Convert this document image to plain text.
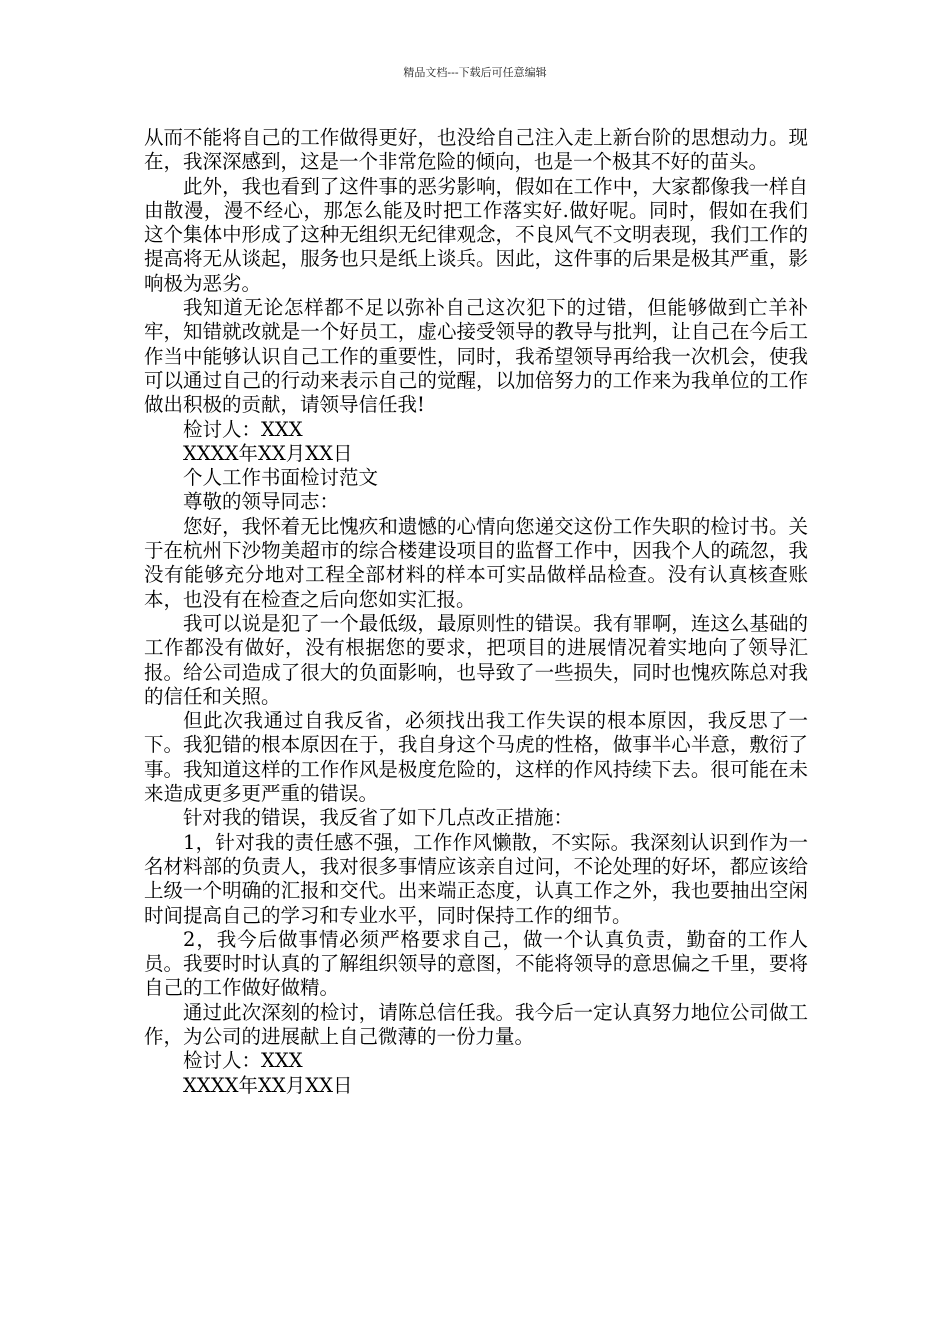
精品文档---下载后可任意编辑

从而不能将自己的工作做得更好，也没给自己注入走上新台阶的思想动力。现在，我深深感到，这是一个非常危险的倾向，也是一个极其不好的苗头。

此外，我也看到了这件事的恶劣影响，假如在工作中，大家都像我一样自由散漫，漫不经心，那怎么能及时把工作落实好.做好呢。同时，假如在我们这个集体中形成了这种无组织无纪律观念，不良风气不文明表现，我们工作的提高将无从谈起，服务也只是纸上谈兵。因此，这件事的后果是极其严重，影响极为恶劣。

我知道无论怎样都不足以弥补自己这次犯下的过错，但能够做到亡羊补牢，知错就改就是一个好员工，虚心接受领导的教导与批判，让自己在今后工作当中能够认识自己工作的重要性，同时，我希望领导再给我一次机会，使我可以通过自己的行动来表示自己的觉醒，以加倍努力的工作来为我单位的工作做出积极的贡献，请领导信任我!

检讨人：XXX

XXXX年XX月XX日

个人工作书面检讨范文

尊敬的领导同志：

您好，我怀着无比愧疚和遗憾的心情向您递交这份工作失职的检讨书。关于在杭州下沙物美超市的综合楼建设项目的监督工作中，因我个人的疏忽，我没有能够充分地对工程全部材料的样本可实品做样品检查。没有认真核查账本，也没有在检查之后向您如实汇报。

我可以说是犯了一个最低级，最原则性的错误。我有罪啊，连这么基础的工作都没有做好，没有根据您的要求，把项目的进展情况着实地向了领导汇报。给公司造成了很大的负面影响，也导致了一些损失，同时也愧疚陈总对我的信任和关照。

但此次我通过自我反省，必须找出我工作失误的根本原因，我反思了一下。我犯错的根本原因在于，我自身这个马虎的性格，做事半心半意，敷衍了事。我知道这样的工作作风是极度危险的，这样的作风持续下去。很可能在未来造成更多更严重的错误。

针对我的错误，我反省了如下几点改正措施：

1，针对我的责任感不强，工作作风懒散，不实际。我深刻认识到作为一名材料部的负责人，我对很多事情应该亲自过问，不论处理的好坏，都应该给上级一个明确的汇报和交代。出来端正态度，认真工作之外，我也要抽出空闲时间提高自己的学习和专业水平，同时保持工作的细节。

2，我今后做事情必须严格要求自己，做一个认真负责，勤奋的工作人员。我要时时认真的了解组织领导的意图，不能将领导的意思偏之千里，要将自己的工作做好做精。

通过此次深刻的检讨，请陈总信任我。我今后一定认真努力地位公司做工作，为公司的进展献上自己微薄的一份力量。

检讨人：XXX

XXXX年XX月XX日
